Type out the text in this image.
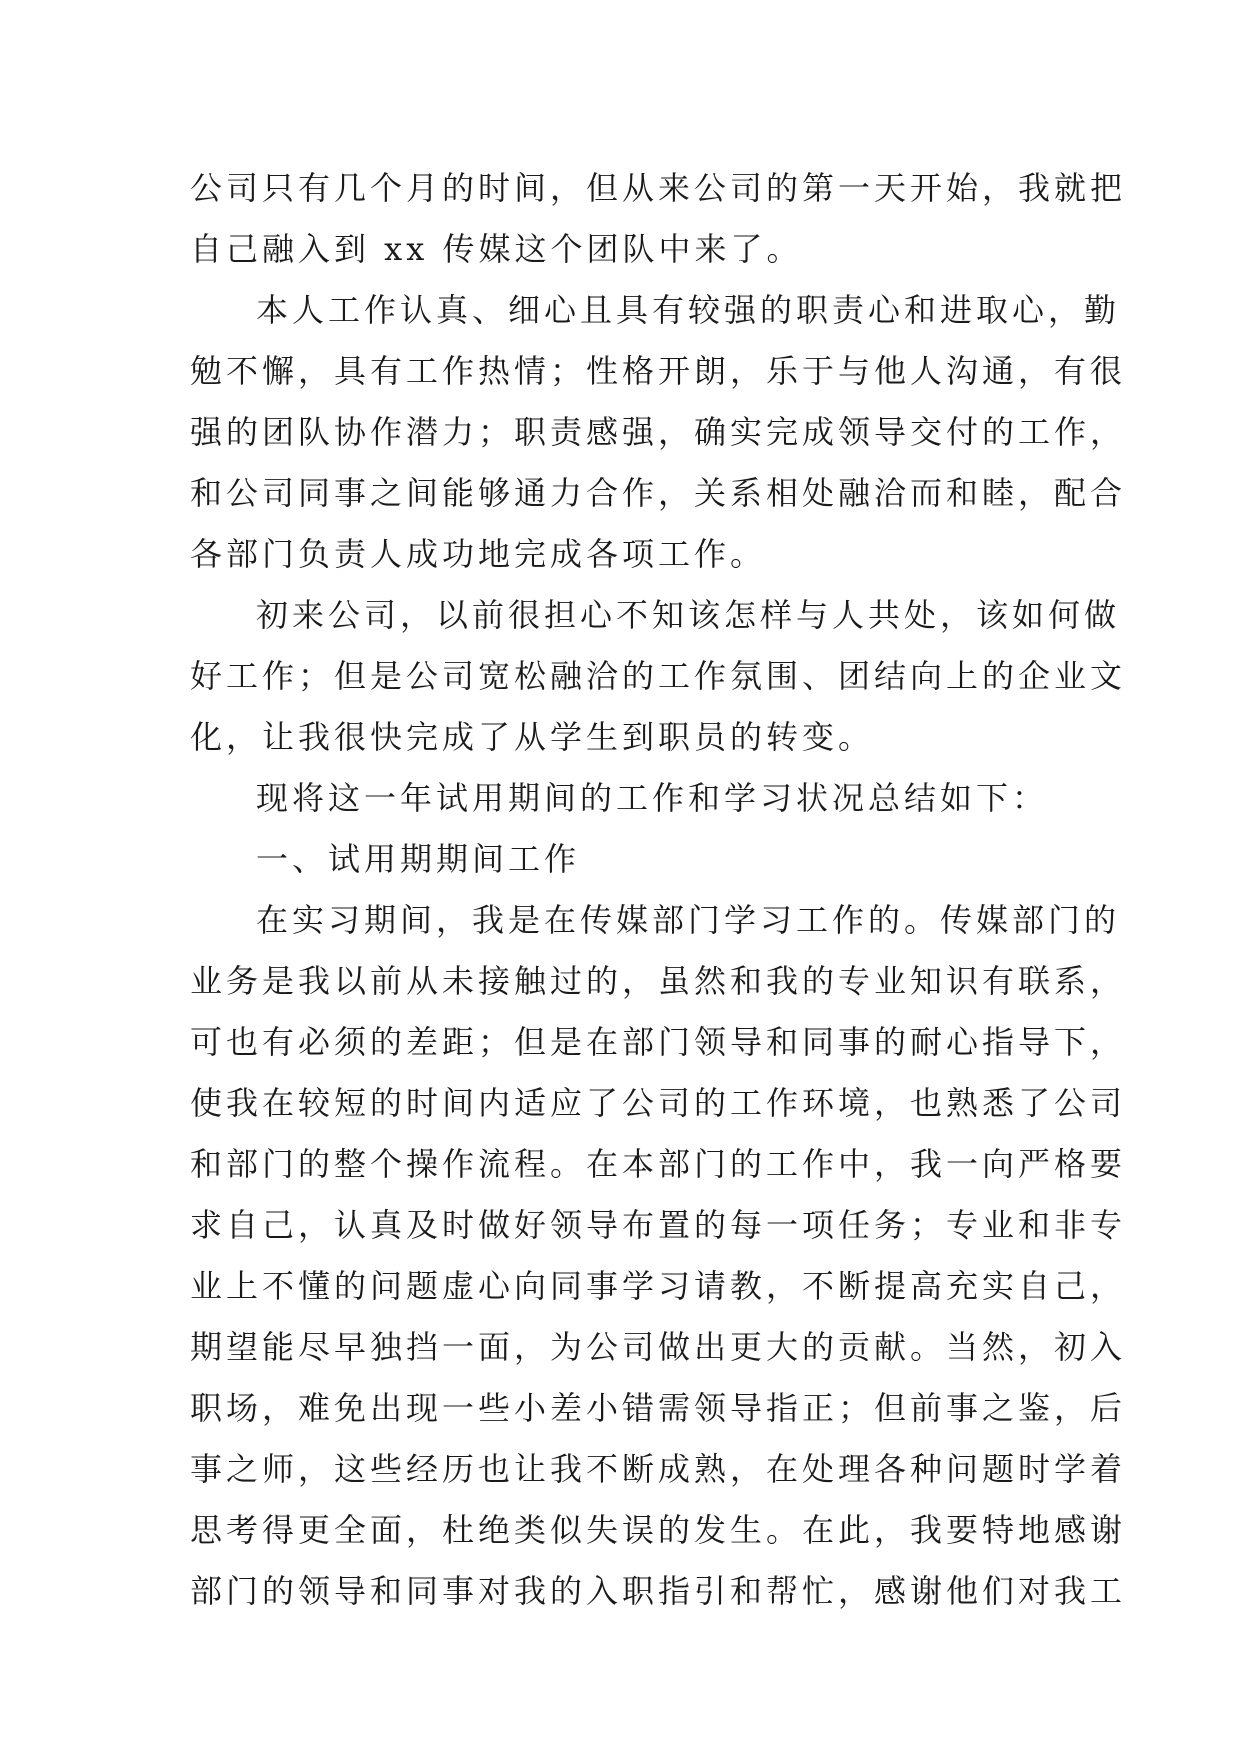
公司只有几个月的时间，但从来公司的第一天开始，我就把
自己融入到 xx 传媒这个团队中来了。
本人工作认真、细心且具有较强的职责心和进取心，勤
勉不懈，具有工作热情；性格开朗，乐于与他人沟通，有很
强的团队协作潜力；职责感强，确实完成领导交付的工作，
和公司同事之间能够通力合作，关系相处融洽而和睦，配合
各部门负责人成功地完成各项工作。
初来公司，以前很担心不知该怎样与人共处，该如何做
好工作；但是公司宽松融洽的工作氛围、团结向上的企业文
化，让我很快完成了从学生到职员的转变。
现将这一年试用期间的工作和学习状况总结如下：
一、试用期期间工作
在实习期间，我是在传媒部门学习工作的。传媒部门的
业务是我以前从未接触过的，虽然和我的专业知识有联系，
可也有必须的差距；但是在部门领导和同事的耐心指导下，
使我在较短的时间内适应了公司的工作环境，也熟悉了公司
和部门的整个操作流程。在本部门的工作中，我一向严格要
求自己，认真及时做好领导布置的每一项任务；专业和非专
业上不懂的问题虚心向同事学习请教，不断提高充实自己，
期望能尽早独挡一面，为公司做出更大的贡献。当然，初入
职场，难免出现一些小差小错需领导指正；但前事之鉴，后
事之师，这些经历也让我不断成熟，在处理各种问题时学着
思考得更全面，杜绝类似失误的发生。在此，我要特地感谢
部门的领导和同事对我的入职指引和帮忙，感谢他们对我工
